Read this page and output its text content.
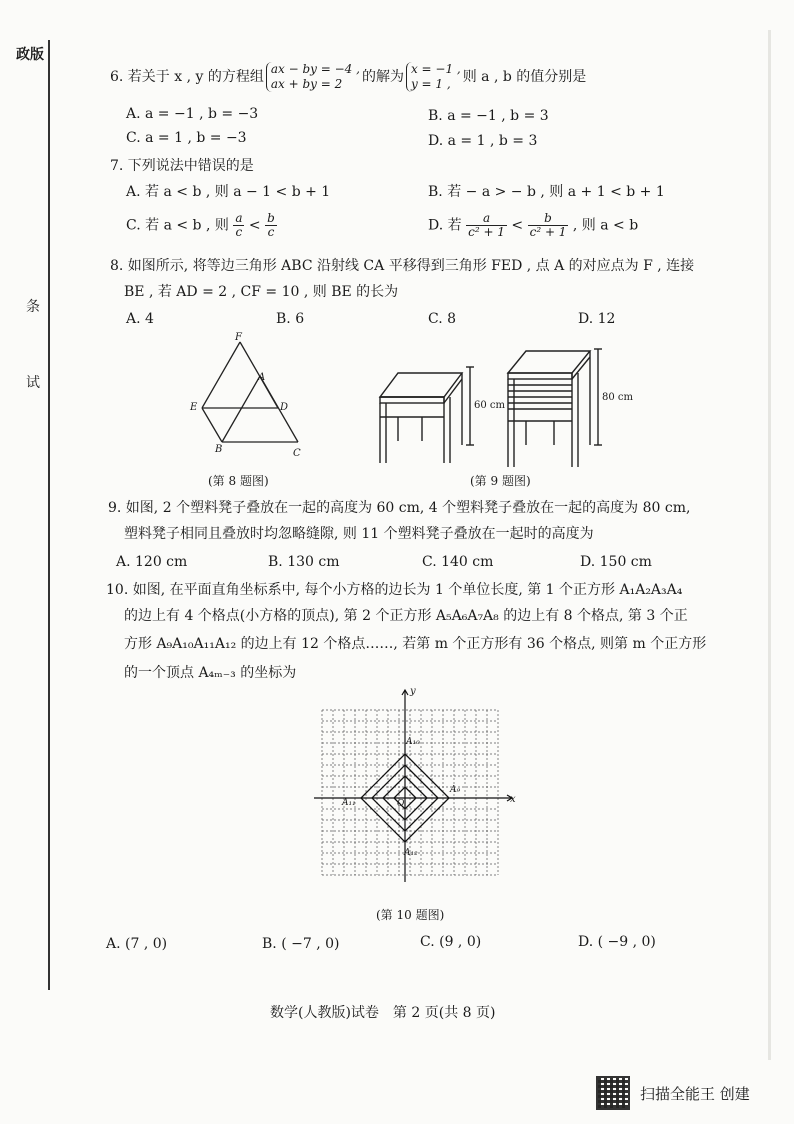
政版
条
试
6. 若关于 x , y 的方程组 ax − by = −4 ,
ax + by = 2 的解为 x = −1 ,
y = 1 , 则 a , b 的值分别是
A. a = −1 , b = −3	B. a = −1 , b = 3
C. a = 1 , b = −3	D. a = 1 , b = 3
7. 下列说法中错误的是
A. 若 a < b , 则 a − 1 < b + 1	B. 若 − a > − b , 则 a + 1 < b + 1
C. 若 a < b , 则 $\frac{a}{c} < \frac{b}{c}$	D. 若 $\frac{a}{\text{c² + 1}} < \frac{b}{\text{c² + 1}}$ , 则 a < b
8. 如图所示, 将等边三角形 ABC 沿射线 CA 平移得到三角形 FED , 点 A 的对应点为 F , 连接
BE , 若 AD = 2 , CF = 10 , 则 BE 的长为
A. 4	B. 6	C. 8	D. 12
F
A
E	D
B	C
(第 8 题图)
60 cm
80 cm
(第 9 题图)
9. 如图, 2 个塑料凳子叠放在一起的高度为 60 cm, 4 个塑料凳子叠放在一起的高度为 80 cm,
塑料凳子相同且叠放时均忽略缝隙, 则 11 个塑料凳子叠放在一起时的高度为
A. 120 cm	B. 130 cm	C. 140 cm	D. 150 cm
10. 如图, 在平面直角坐标系中, 每个小方格的边长为 1 个单位长度, 第 1 个正方形 A₁A₂A₃A₄
的边上有 4 个格点(小方格的顶点), 第 2 个正方形 A₅A₆A₇A₈ 的边上有 8 个格点, 第 3 个正
方形 A₉A₁₀A₁₁A₁₂ 的边上有 12 个格点……, 若第 m 个正方形有 36 个格点, 则第 m 个正方形
的一个顶点 A₄ₘ₋₃ 的坐标为
x
y
O
A₁₀
A₉
A₁₁
A₁₂
(第 10 题图)
A. (7 , 0)	B. ( −7 , 0)	C. (9 , 0)	D. ( −9 , 0)
数学(人教版)试卷　第 2 页(共 8 页)
扫描全能王 创建
